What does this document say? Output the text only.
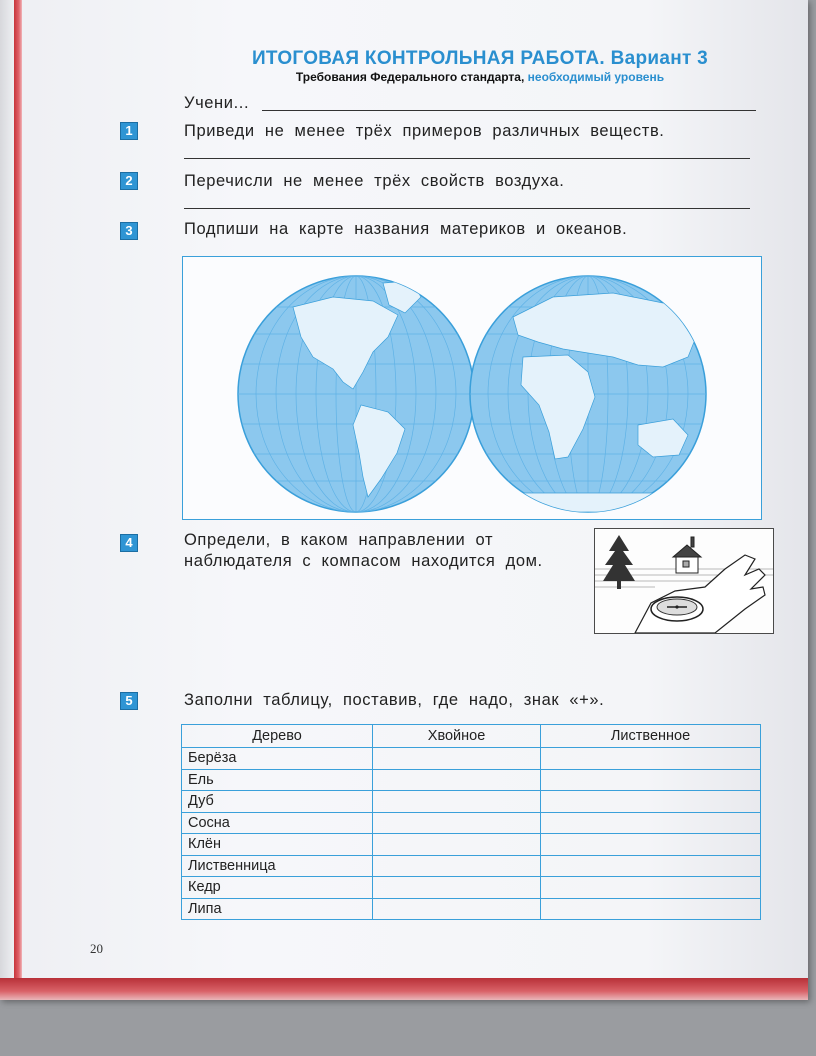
ИТОГОВАЯ КОНТРОЛЬНАЯ РАБОТА. Вариант 3
Требования Федерального стандарта, необходимый уровень
Учени...
1	Приведи не менее трёх примеров различных веществ.
2	Перечисли не менее трёх свойств воздуха.
3	Подпиши на карте названия материков и океанов.
4	Определи, в каком направлении от
наблюдателя с компасом находится дом.
5	Заполни таблицу, поставив, где надо, знак «+».
Дерево	Хвойное	Лиственное
Берёза		
Ель		
Дуб		
Сосна		
Клён		
Лиственница		
Кедр		
Липа		
20
